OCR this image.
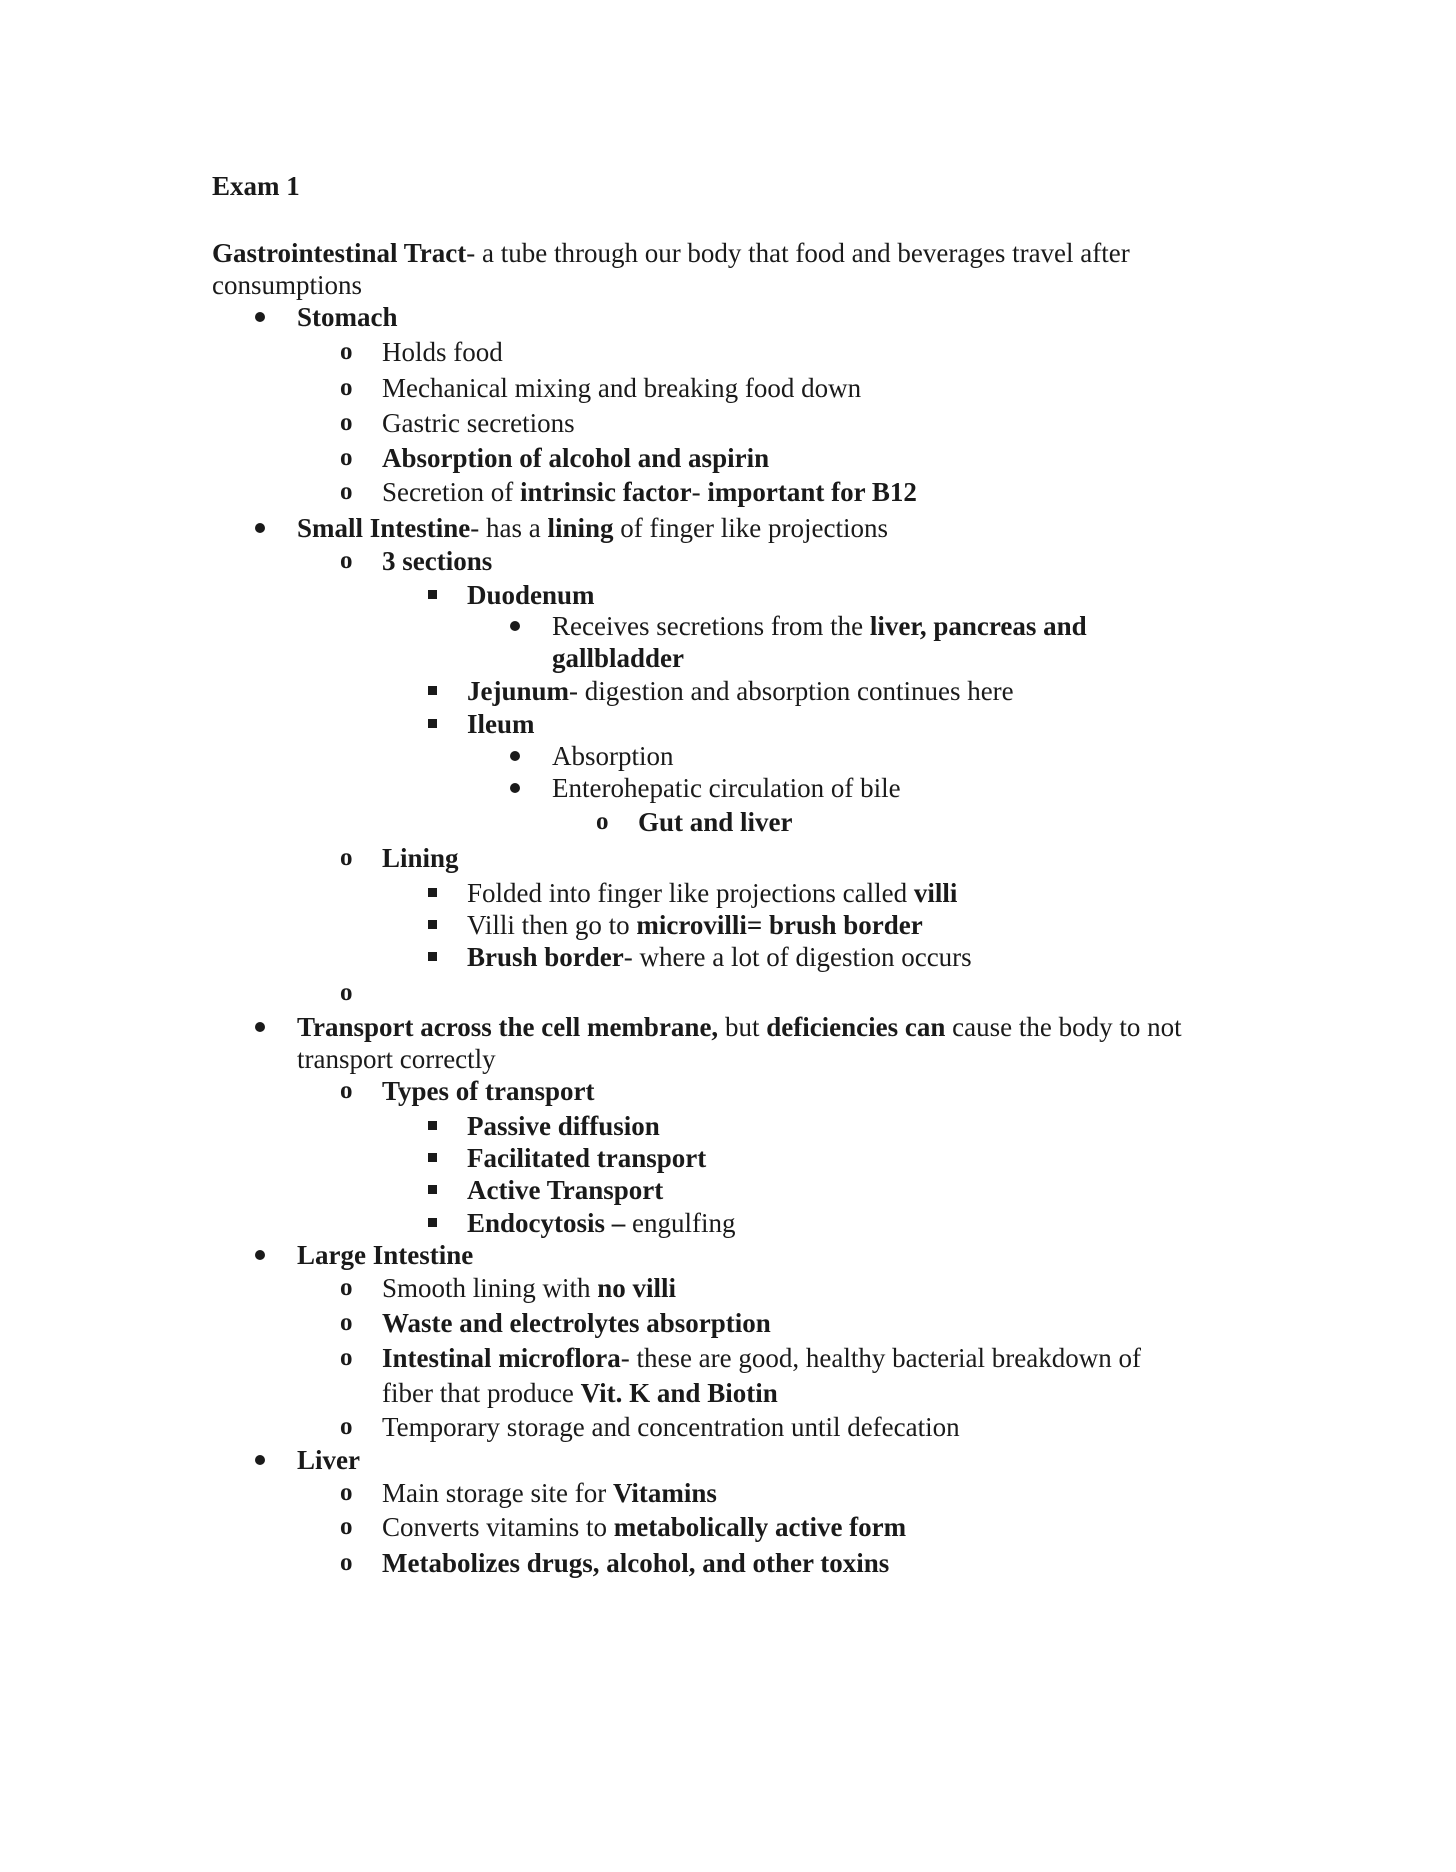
Exam 1
Gastrointestinal Tract- a tube through our body that food and beverages travel after
consumptions
Stomach
o Holds food
o Mechanical mixing and breaking food down
o Gastric secretions
o Absorption of alcohol and aspirin
o Secretion of intrinsic factor- important for B12
Small Intestine- has a lining of finger like projections
o 3 sections
Duodenum
Receives secretions from the liver, pancreas and
gallbladder
Jejunum- digestion and absorption continues here
Ileum
Absorption
Enterohepatic circulation of bile
o Gut and liver
o Lining
Folded into finger like projections called villi
Villi then go to microvilli= brush border
Brush border- where a lot of digestion occurs
o
Transport across the cell membrane, but deficiencies can cause the body to not
transport correctly
o Types of transport
Passive diffusion
Facilitated transport
Active Transport
Endocytosis – engulfing
Large Intestine
o Smooth lining with no villi
o Waste and electrolytes absorption
o Intestinal microflora- these are good, healthy bacterial breakdown of
fiber that produce Vit. K and Biotin
o Temporary storage and concentration until defecation
Liver
o Main storage site for Vitamins
o Converts vitamins to metabolically active form
o Metabolizes drugs, alcohol, and other toxins
